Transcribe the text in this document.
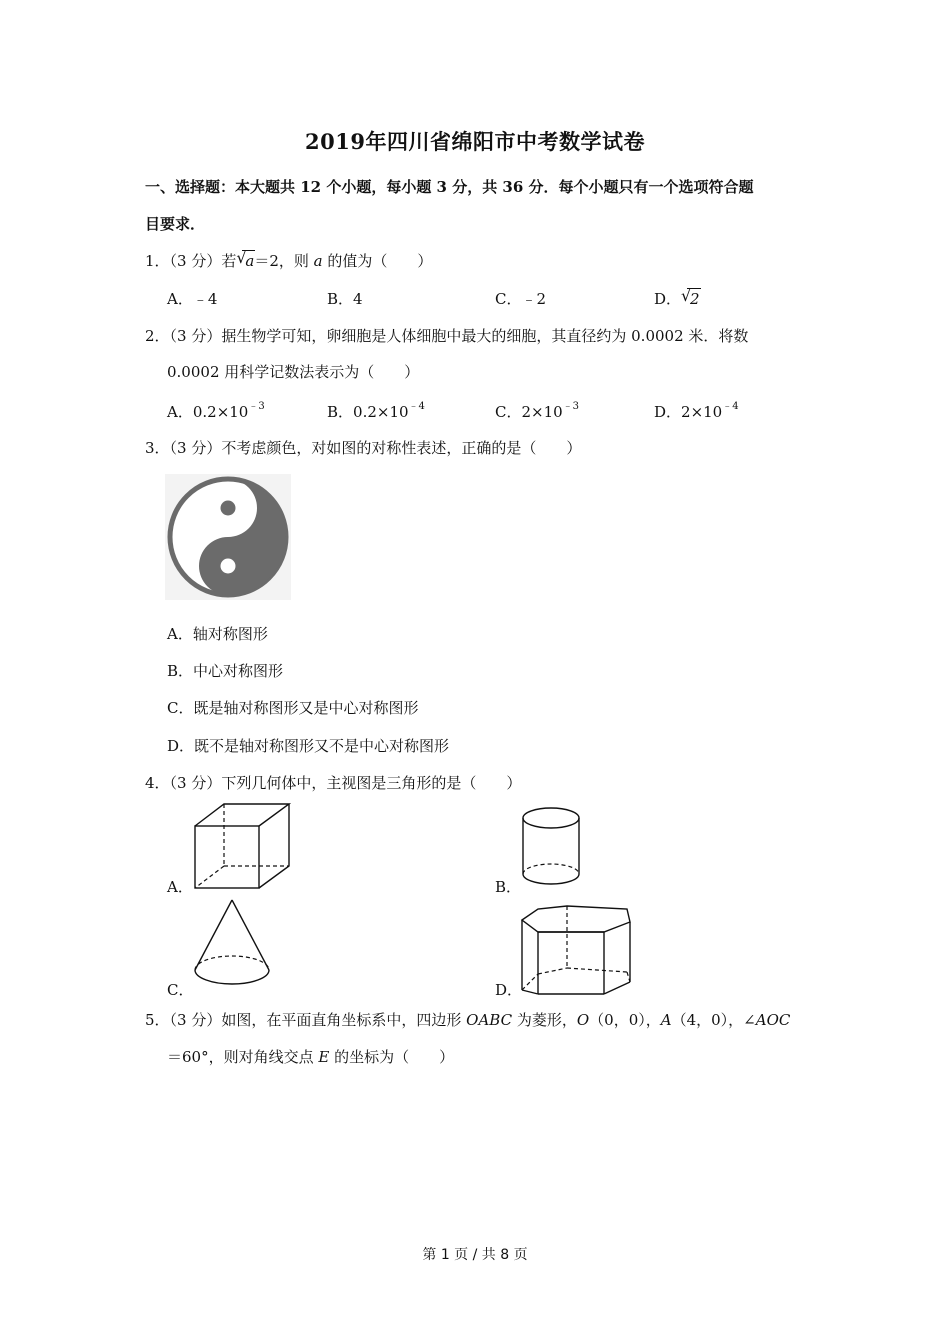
2019年四川省绵阳市中考数学试卷
一、选择题：本大题共 12 个小题，每小题 3 分，共 36 分．每个小题只有一个选项符合题
目要求．
1．（3 分）若 √
a＝2，则 a 的值为（　　）
A．﹣4	B．4	C．﹣2	D． √
2
2．（3 分）据生物学可知，卵细胞是人体细胞中最大的细胞，其直径约为 0.0002 米．将数
0.0002 用科学记数法表示为（　　）
A．$0.2\times 10^{﹣3}$	B．$0.2\times 10^{﹣4}$	C．$2\times 10^{﹣3}$	D．$2\times 10^{﹣4}$
3．（3 分）不考虑颜色，对如图的对称性表述，正确的是（　　）
A．轴对称图形
B．中心对称图形
C．既是轴对称图形又是中心对称图形
D．既不是轴对称图形又不是中心对称图形
4．（3 分）下列几何体中，主视图是三角形的是（　　）
A．	B．
C．	D．
5．（3 分）如图，在平面直角坐标系中，四边形 OABC 为菱形，O（0，0），A（4，0），∠AOC
＝60°，则对角线交点 E 的坐标为（　　）
第 1 页 / 共 8 页
